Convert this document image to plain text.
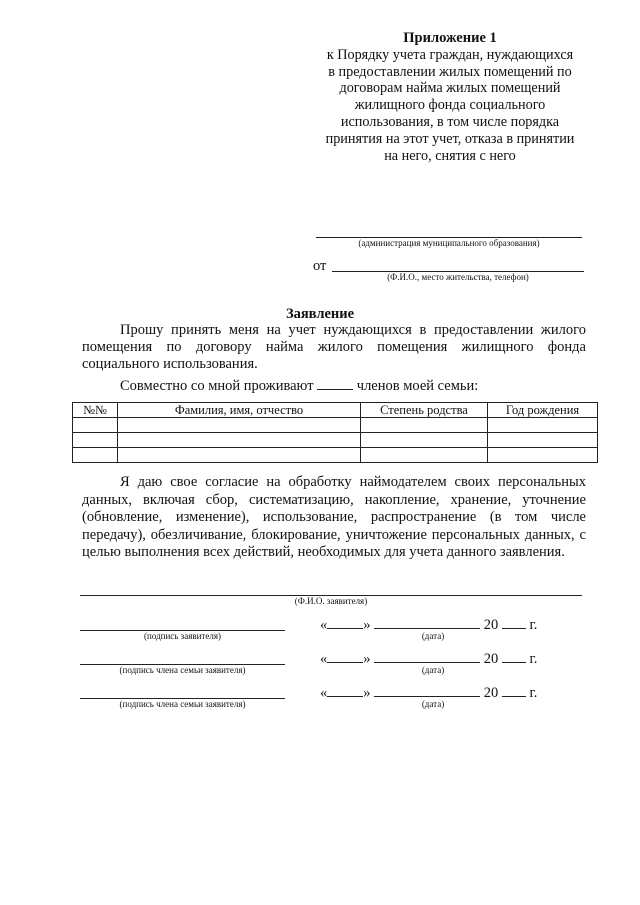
Приложение 1
к Порядку учета граждан, нуждающихся
в предоставлении жилых помещений по
договорам найма жилых помещений
жилищного фонда социального
использования, в том числе порядка
принятия на этот учет, отказа в принятии
на него, снятия с него
(администрация муниципального образования)
от
(Ф.И.О., место жительства, телефон)
Заявление
Прошу принять меня на учет нуждающихся в предоставлении жилого помещения по договору найма жилого помещения жилищного фонда социального использования.
Совместно со мной проживают	членов моей семьи:
№№	Фамилия, имя, отчество	Степень родства	Год рождения

Я даю свое согласие на обработку наймодателем своих персональных данных, включая сбор, систематизацию, накопление, хранение, уточнение (обновление, изменение), использование, распространение (в том числе передачу), обезличивание, блокирование, уничтожение персональных данных, с целью выполнения всех действий, необходимых для учета данного заявления.
(Ф.И.О. заявителя)
(подпись заявителя)
« »	20 г.
(дата)
(подпись члена семьи заявителя)
« »	20 г.
(дата)
(подпись члена семьи заявителя)
« »	20 г.
(дата)
